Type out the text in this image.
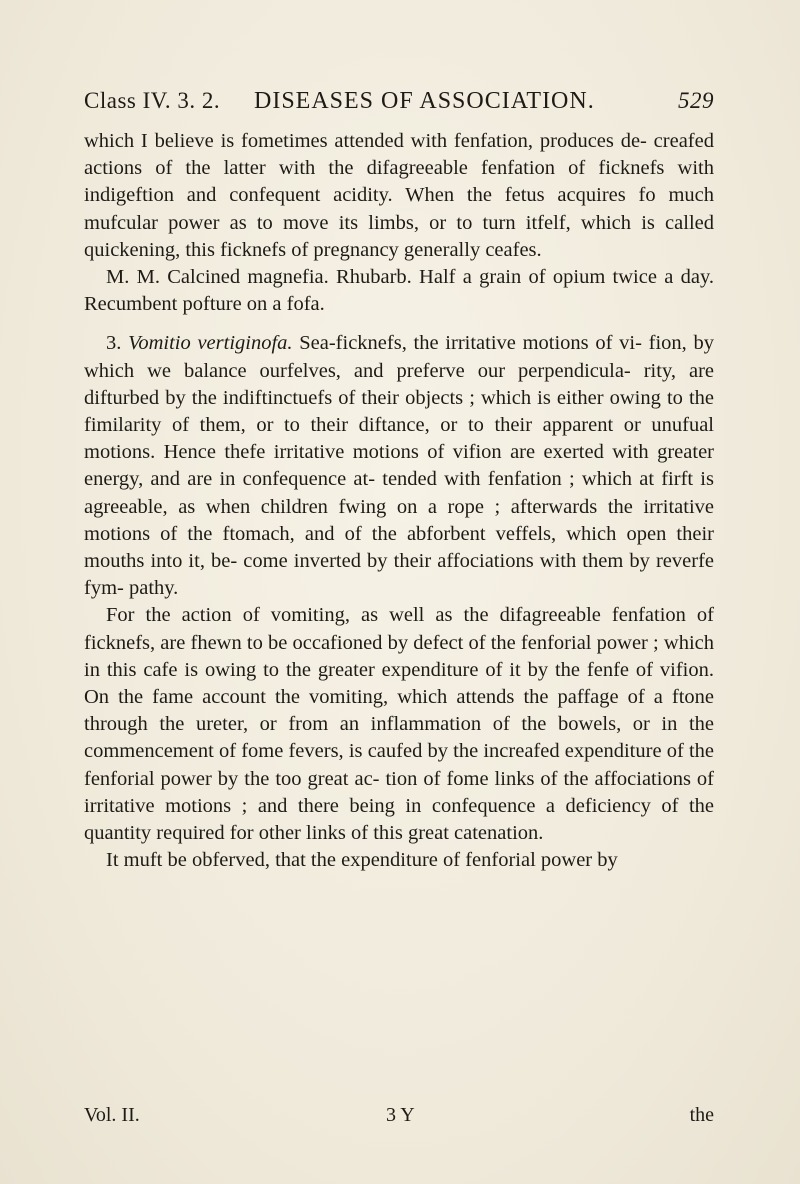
Class IV. 3. 2. DISEASES OF ASSOCIATION.	529

which I believe is fometimes attended with fenfation, produces de- creafed actions of the latter with the difagreeable fenfation of ficknefs with indigeftion and confequent acidity. When the fetus acquires fo much mufcular power as to move its limbs, or to turn itfelf, which is called quickening, this ficknefs of pregnancy generally ceafes.

M. M. Calcined magnefia. Rhubarb. Half a grain of opium twice a day. Recumbent pofture on a fofa.

3. Vomitio vertiginofa. Sea-ficknefs, the irritative motions of vi- fion, by which we balance ourfelves, and preferve our perpendicula- rity, are difturbed by the indiftinctuefs of their objects ; which is either owing to the fimilarity of them, or to their diftance, or to their apparent or unufual motions. Hence thefe irritative motions of vifion are exerted with greater energy, and are in confequence at- tended with fenfation ; which at firft is agreeable, as when children fwing on a rope ; afterwards the irritative motions of the ftomach, and of the abforbent veffels, which open their mouths into it, be- come inverted by their affociations with them by reverfe fym- pathy.

For the action of vomiting, as well as the difagreeable fenfation of ficknefs, are fhewn to be occafioned by defect of the fenforial power ; which in this cafe is owing to the greater expenditure of it by the fenfe of vifion. On the fame account the vomiting, which attends the paffage of a ftone through the ureter, or from an inflammation of the bowels, or in the commencement of fome fevers, is caufed by the increafed expenditure of the fenforial power by the too great ac- tion of fome links of the affociations of irritative motions ; and there being in confequence a deficiency of the quantity required for other links of this great catenation.

It muft be obferved, that the expenditure of fenforial power by

Vol. II.	3 Y	the
